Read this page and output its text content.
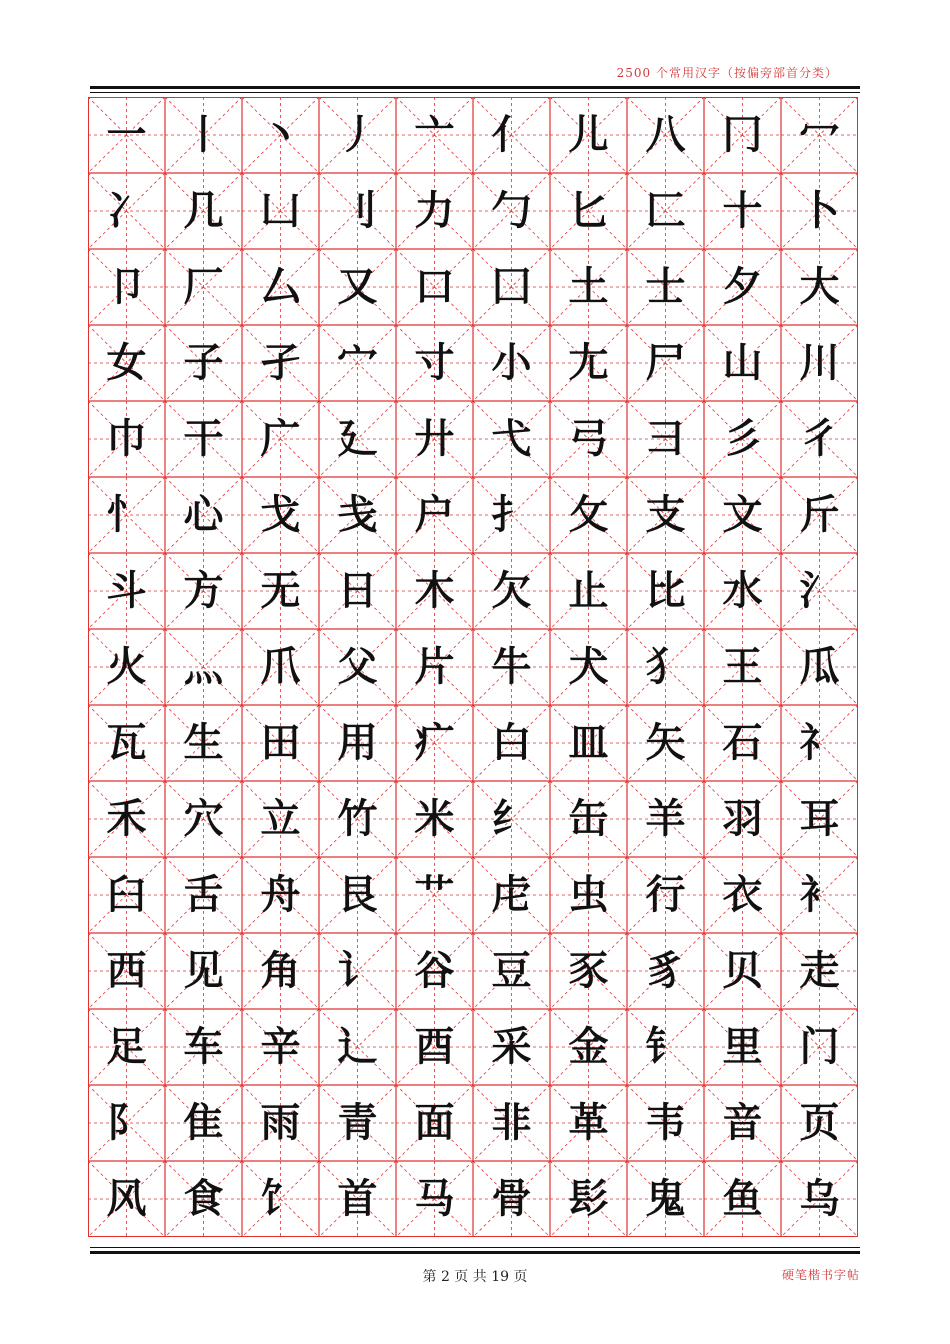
2500 个常用汉字（按偏旁部首分类）
一 丨 丶 丿 亠 亻 儿 八 冂 冖
冫 几 凵 刂 力 勹 匕 匚 十 卜
卩 厂 厶 又 口 囗 土 士 夕 大
女 子 孑 宀 寸 小 尢 尸 山 川
巾 干 广 廴 廾 弋 弓 彐 彡 彳
忄 心 戈 戋 户 扌 攵 支 文 斤
斗 方 无 日 木 欠 止 比 水 氵
火 灬 爪 父 片 牛 犬 犭 王 瓜
瓦 生 田 用 疒 白 皿 矢 石 礻
禾 穴 立 竹 米 纟 缶 羊 羽 耳
臼 舌 舟 艮 艹 虍 虫 行 衣 衤
西 见 角 讠 谷 豆 豕 豸 贝 走
足 车 辛 辶 酉 采 金 钅 里 门
阝 隹 雨 青 面 非 革 韦 音 页
风 食 饣 首 马 骨 髟 鬼 鱼 乌
第 2 页 共 19 页	硬笔楷书字帖
